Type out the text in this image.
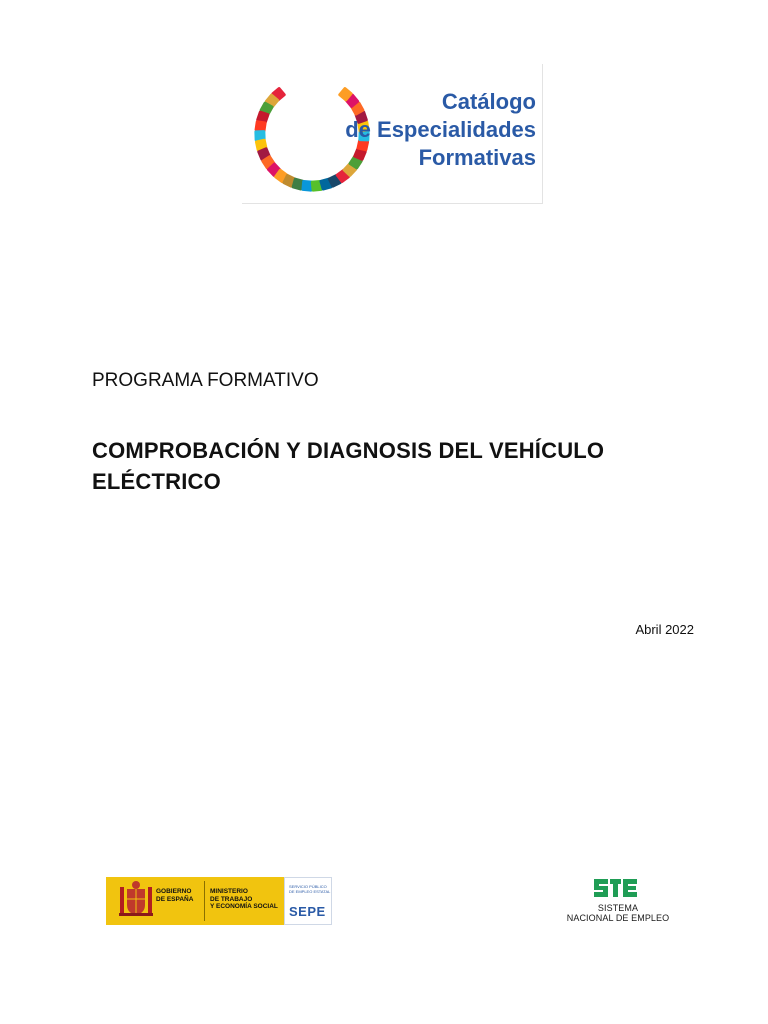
Catálogo
de Especialidades
Formativas
PROGRAMA FORMATIVO
COMPROBACIÓN Y DIAGNOSIS DEL VEHÍCULO ELÉCTRICO
Abril 2022
GOBIERNO
DE ESPAÑA
MINISTERIO
DE TRABAJO
Y ECONOMÍA SOCIAL
SERVICIO PÚBLICO
DE EMPLEO ESTATAL
SEPE	SISTEMA
NACIONAL DE EMPLEO
